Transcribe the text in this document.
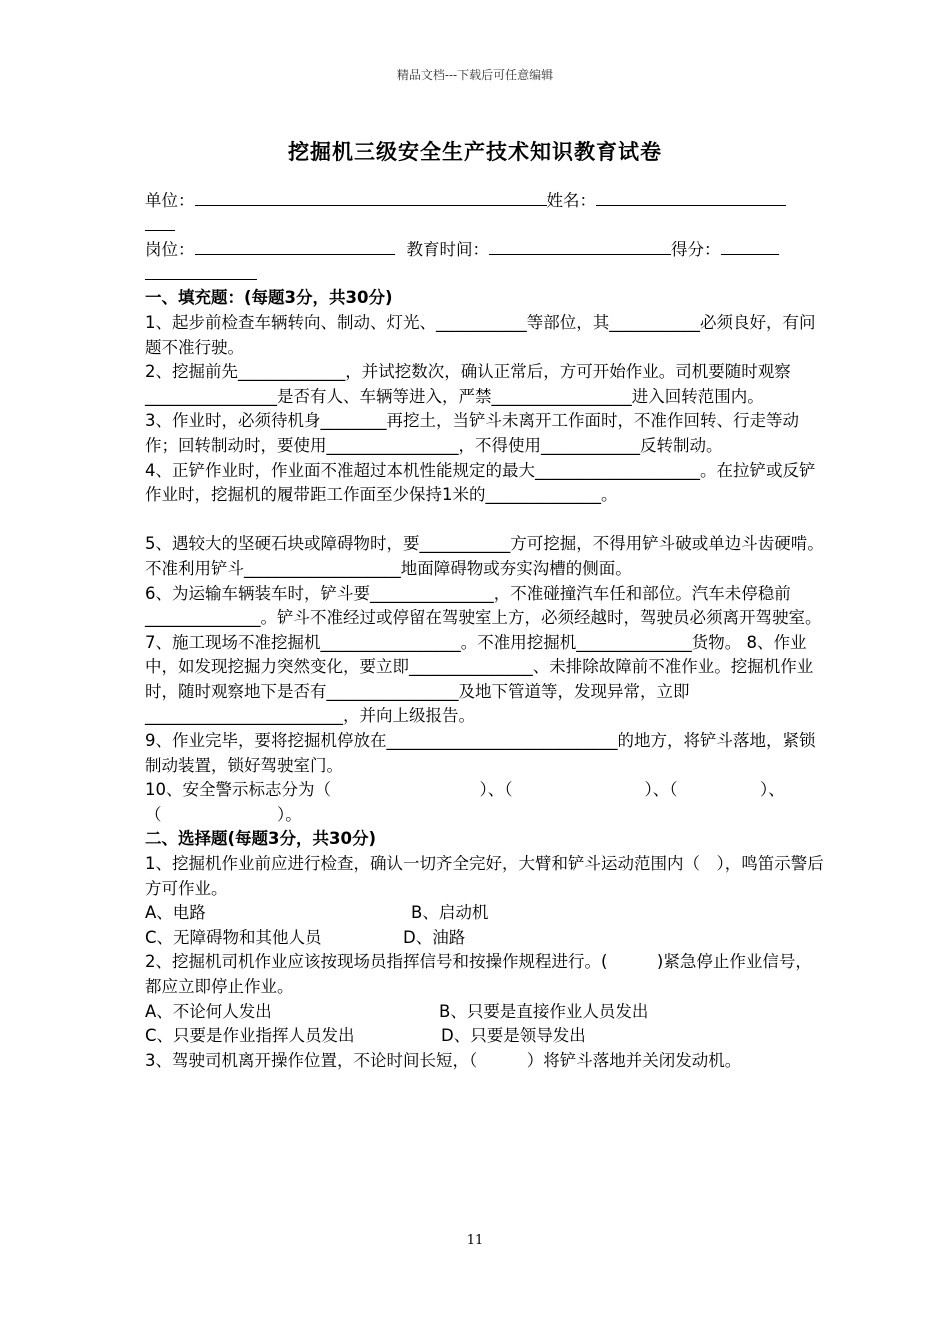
精品文档---下载后可任意编辑
挖掘机三级安全生产技术知识教育试卷
单位：	姓名：
岗位：	教育时间：	得分：

一、填充题：(每题3分，共30分)

1、起步前检查车辆转向、制动、灯光、___________等部位，其___________必须良好，有问题不准行驶。

2、挖掘前先_____________，并试挖数次，确认正常后，方可开始作业。司机要随时观察________________是否有人、车辆等进入，严禁_________________进入回转范围内。

3、作业时，必须待机身________再挖土，当铲斗未离开工作面时，不准作回转、行走等动作；回转制动时，要使用________________，不得使用____________反转制动。

4、正铲作业时，作业面不准超过本机性能规定的最大____________________。在拉铲或反铲作业时，挖掘机的履带距工作面至少保持1米的______________。

5、遇较大的坚硬石块或障碍物时，要___________方可挖掘，不得用铲斗破或单边斗齿硬啃。不准利用铲斗___________________地面障碍物或夯实沟槽的侧面。

6、为运输车辆装车时，铲斗要_______________，不准碰撞汽车任和部位。汽车未停稳前______________。铲斗不准经过或停留在驾驶室上方，必须经越时，驾驶员必须离开驾驶室。

7、施工现场不准挖掘机_________________。不准用挖掘机______________货物。 8、作业中，如发现挖掘力突然变化，要立即_______________、未排除故障前不准作业。挖掘机作业时，随时观察地下是否有________________及地下管道等，发现异常，立即________________________，并向上级报告。

9、作业完毕，要将挖掘机停放在____________________________的地方，将铲斗落地，紧锁制动装置，锁好驾驶室门。

10、安全警示标志分为（　　　　　　　　　）、（　　　　　　　　）、（　　　　　）、（　　　　　　　）。

二、选择题(每题3分，共30分)

1、挖掘机作业前应进行检查，确认一切齐全完好，大臂和铲斗运动范围内（　），鸣笛示警后方可作业。

A、电路	B、启动机
C、无障碍物和其他人员	D、油路

2、挖掘机司机作业应该按现场员指挥信号和按操作规程进行。(　　　)紧急停止作业信号，都应立即停止作业。

A、不论何人发出	B、只要是直接作业人员发出
C、只要是作业指挥人员发出	D、只要是领导发出

3、驾驶司机离开操作位置，不论时间长短，（　　　）将铲斗落地并关闭发动机。

11
